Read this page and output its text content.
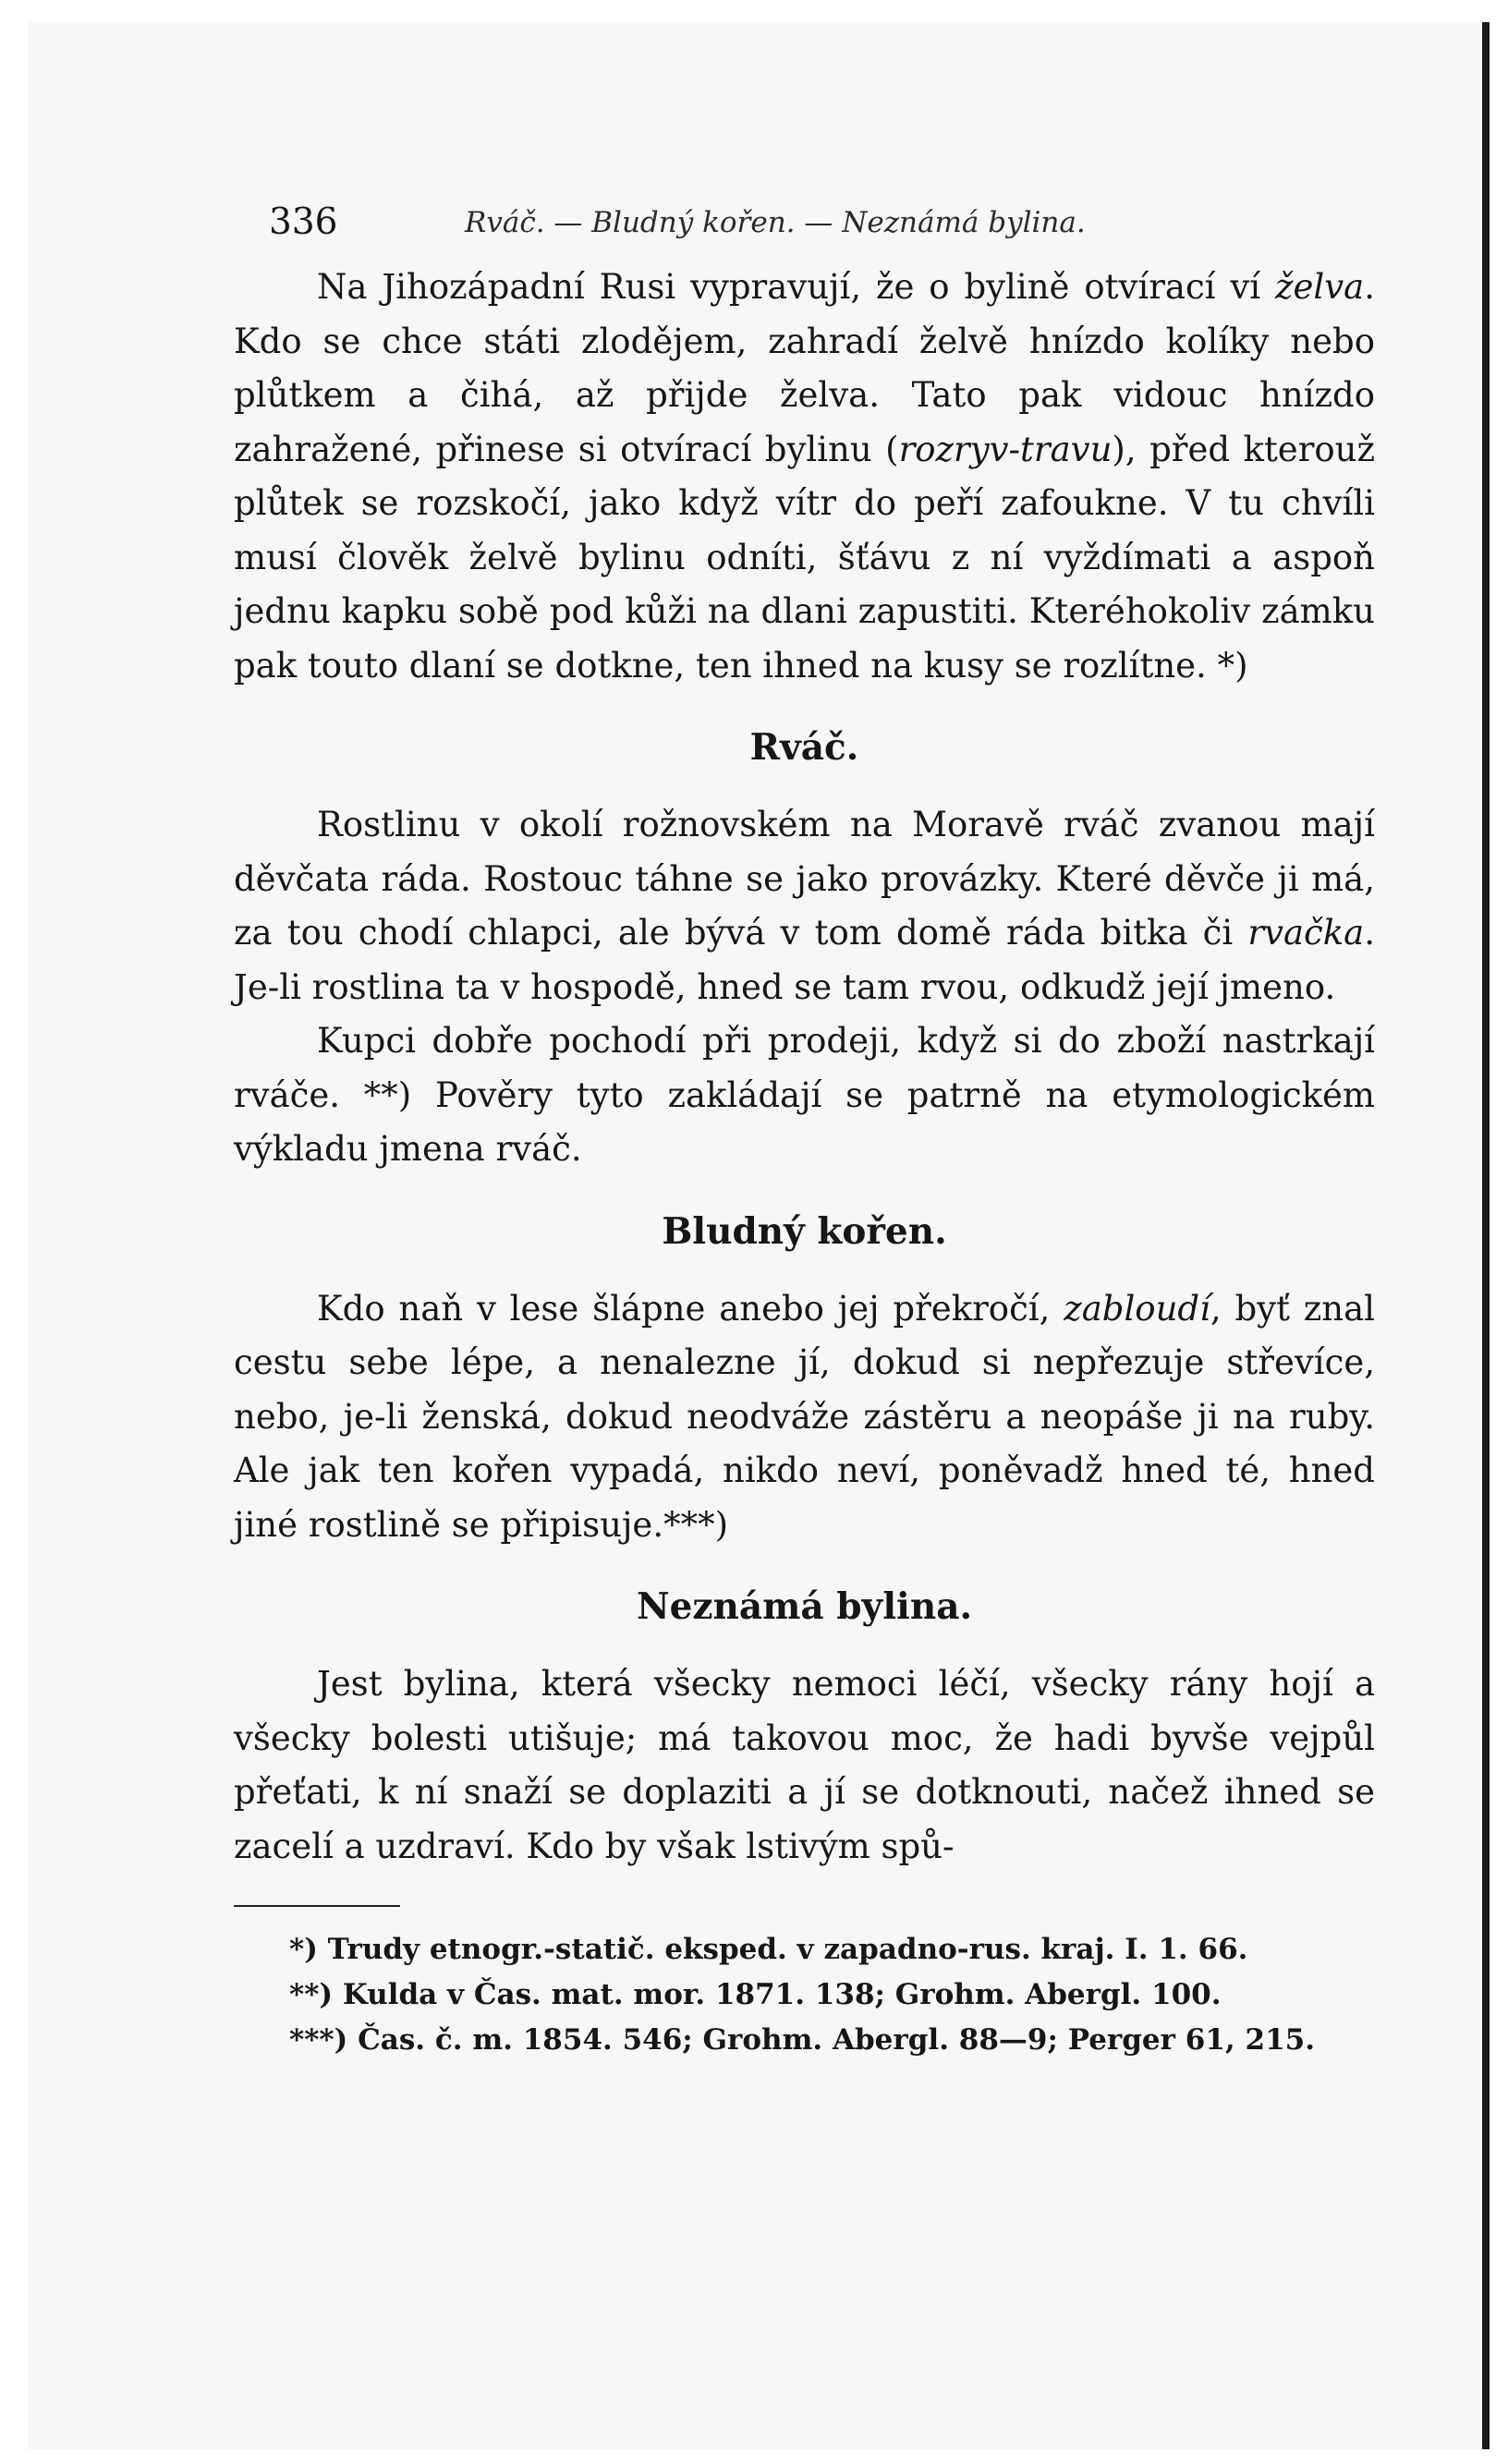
336	Rváč. — Bludný kořen. — Neznámá bylina.

Na Jihozápadní Rusi vypravují, že o bylině otvírací ví želva. Kdo se chce státi zlodějem, zahradí želvě hnízdo kolíky nebo plůtkem a čihá, až přijde želva. Tato pak vidouc hnízdo zahražené, přinese si otvírací bylinu (rozryv-travu), před kterouž plůtek se rozskočí, jako když vítr do peří zafoukne. V tu chvíli musí člověk želvě bylinu odníti, šťávu z ní vyždímati a aspoň jednu kapku sobě pod kůži na dlani zapustiti. Kteréhokoliv zámku pak touto dlaní se dotkne, ten ihned na kusy se rozlítne. *)

Rváč.

Rostlinu v okolí rožnovském na Moravě rváč zvanou mají děvčata ráda. Rostouc táhne se jako provázky. Které děvče ji má, za tou chodí chlapci, ale bývá v tom domě ráda bitka či rvačka. Je-li rostlina ta v hospodě, hned se tam rvou, odkudž její jmeno.

Kupci dobře pochodí při prodeji, když si do zboží nastrkají rváče. **) Pověry tyto zakládají se patrně na etymologickém výkladu jmena rváč.

Bludný kořen.

Kdo naň v lese šlápne anebo jej překročí, zabloudí, byť znal cestu sebe lépe, a nenalezne jí, dokud si nepřezuje střevíce, nebo, je-li ženská, dokud neodváže zástěru a neopáše ji na ruby. Ale jak ten kořen vypadá, nikdo neví, poněvadž hned té, hned jiné rostlině se připisuje.***)

Neznámá bylina.

Jest bylina, která všecky nemoci léčí, všecky rány hojí a všecky bolesti utišuje; má takovou moc, že hadi byvše vejpůl přeťati, k ní snaží se doplaziti a jí se dotknouti, načež ihned se zacelí a uzdraví. Kdo by však lstivým spů-

*) Trudy etnogr.-statič. eksped. v zapadno-rus. kraj. I. 1. 66.
**) Kulda v Čas. mat. mor. 1871. 138; Grohm. Abergl. 100.
***) Čas. č. m. 1854. 546; Grohm. Abergl. 88—9; Perger 61, 215.
